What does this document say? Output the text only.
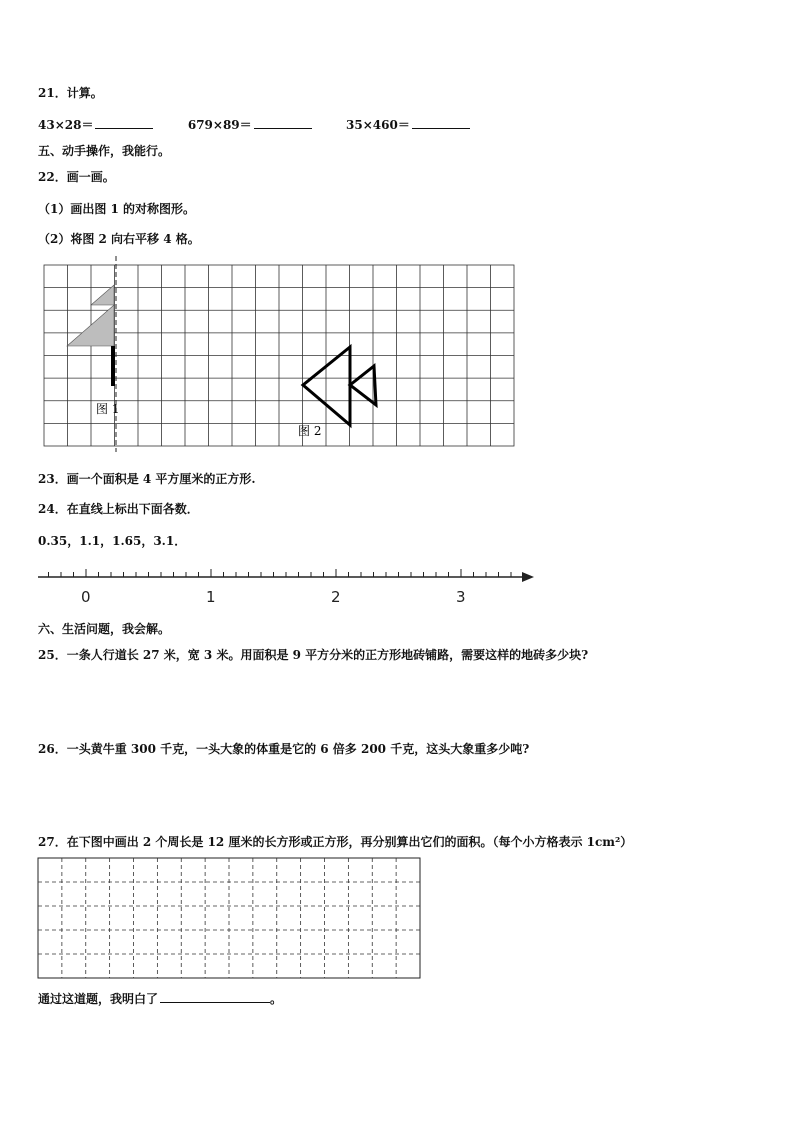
21．计算。
43×28＝	679×89＝	35×460＝
五、动手操作，我能行。
22．画一画。
（1）画出图 1 的对称图形。
（2）将图 2 向右平移 4 格。
图 1
图 2
23．画一个面积是 4 平方厘米的正方形.
24．在直线上标出下面各数．
0.35，1.1，1.65，3.1．
0	1	2	3
六、生活问题，我会解。
25．一条人行道长 27 米，宽 3 米。用面积是 9 平方分米的正方形地砖铺路，需要这样的地砖多少块?
26．一头黄牛重 300 千克，一头大象的体重是它的 6 倍多 200 千克，这头大象重多少吨?
27．在下图中画出 2 个周长是 12 厘米的长方形或正方形，再分别算出它们的面积。（每个小方格表示 1cm²）
通过这道题，我明白了	。
